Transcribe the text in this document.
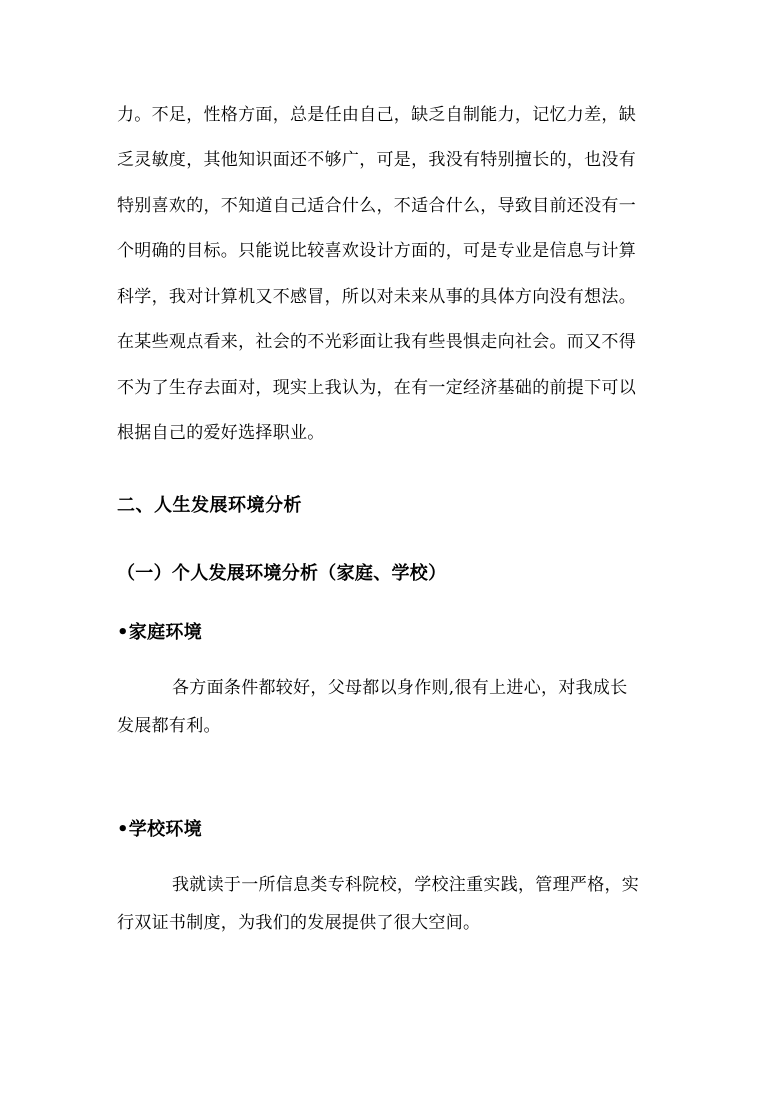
力。不足，性格方面，总是任由自己，缺乏自制能力，记忆力差，缺
乏灵敏度，其他知识面还不够广，可是，我没有特别擅长的，也没有
特别喜欢的，不知道自己适合什么，不适合什么，导致目前还没有一
个明确的目标。只能说比较喜欢设计方面的，可是专业是信息与计算
科学，我对计算机又不感冒，所以对未来从事的具体方向没有想法。
在某些观点看来，社会的不光彩面让我有些畏惧走向社会。而又不得
不为了生存去面对，现实上我认为，在有一定经济基础的前提下可以
根据自己的爱好选择职业。
二、人生发展环境分析
（一）个人发展环境分析（家庭、学校）
•家庭环境
各方面条件都较好，父母都以身作则,很有上进心，对我成长
发展都有利。
•学校环境
我就读于一所信息类专科院校，学校注重实践，管理严格，实
行双证书制度，为我们的发展提供了很大空间。
